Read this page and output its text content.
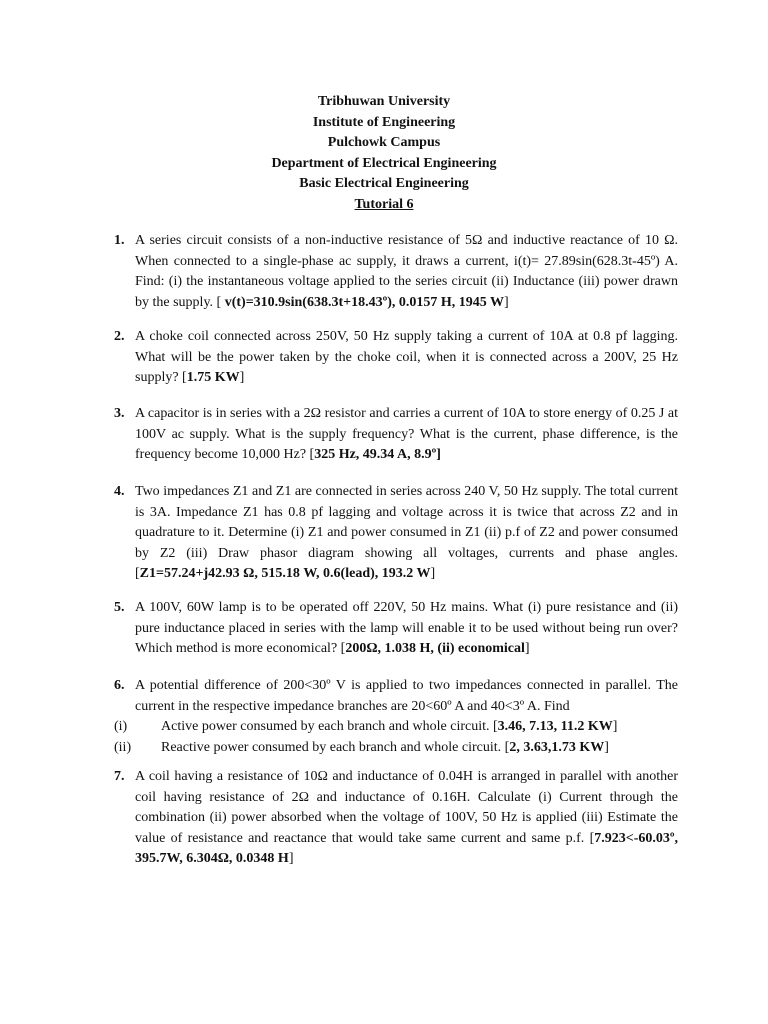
Tribhuwan University
Institute of Engineering
Pulchowk Campus
Department of Electrical Engineering
Basic Electrical Engineering
Tutorial 6
1. A series circuit consists of a non-inductive resistance of 5Ω and inductive reactance of 10 Ω. When connected to a single-phase ac supply, it draws a current, i(t)= 27.89sin(628.3t-45º) A. Find: (i) the instantaneous voltage applied to the series circuit (ii) Inductance (iii) power drawn by the supply. [ v(t)=310.9sin(638.3t+18.43º), 0.0157 H, 1945 W]
2. A choke coil connected across 250V, 50 Hz supply taking a current of 10A at 0.8 pf lagging. What will be the power taken by the choke coil, when it is connected across a 200V, 25 Hz supply? [1.75 KW]
3. A capacitor is in series with a 2Ω resistor and carries a current of 10A to store energy of 0.25 J at 100V ac supply. What is the supply frequency? What is the current, phase difference, is the frequency become 10,000 Hz? [325 Hz, 49.34 A, 8.9º]
4. Two impedances Z1 and Z1 are connected in series across 240 V, 50 Hz supply. The total current is 3A. Impedance Z1 has 0.8 pf lagging and voltage across it is twice that across Z2 and in quadrature to it. Determine (i) Z1 and power consumed in Z1 (ii) p.f of Z2 and power consumed by Z2 (iii) Draw phasor diagram showing all voltages, currents and phase angles. [Z1=57.24+j42.93 Ω, 515.18 W, 0.6(lead), 193.2 W]
5. A 100V, 60W lamp is to be operated off 220V, 50 Hz mains. What (i) pure resistance and (ii) pure inductance placed in series with the lamp will enable it to be used without being run over? Which method is more economical? [200Ω, 1.038 H, (ii) economical]
6. A potential difference of 200<30º V is applied to two impedances connected in parallel. The current in the respective impedance branches are 20<60º A and 40<3º A. Find
(i) Active power consumed by each branch and whole circuit. [3.46, 7.13, 11.2 KW]
(ii) Reactive power consumed by each branch and whole circuit. [2, 3.63,1.73 KW]
7. A coil having a resistance of 10Ω and inductance of 0.04H is arranged in parallel with another coil having resistance of 2Ω and inductance of 0.16H. Calculate (i) Current through the combination (ii) power absorbed when the voltage of 100V, 50 Hz is applied (iii) Estimate the value of resistance and reactance that would take same current and same p.f. [7.923<-60.03º, 395.7W, 6.304Ω, 0.0348 H]
